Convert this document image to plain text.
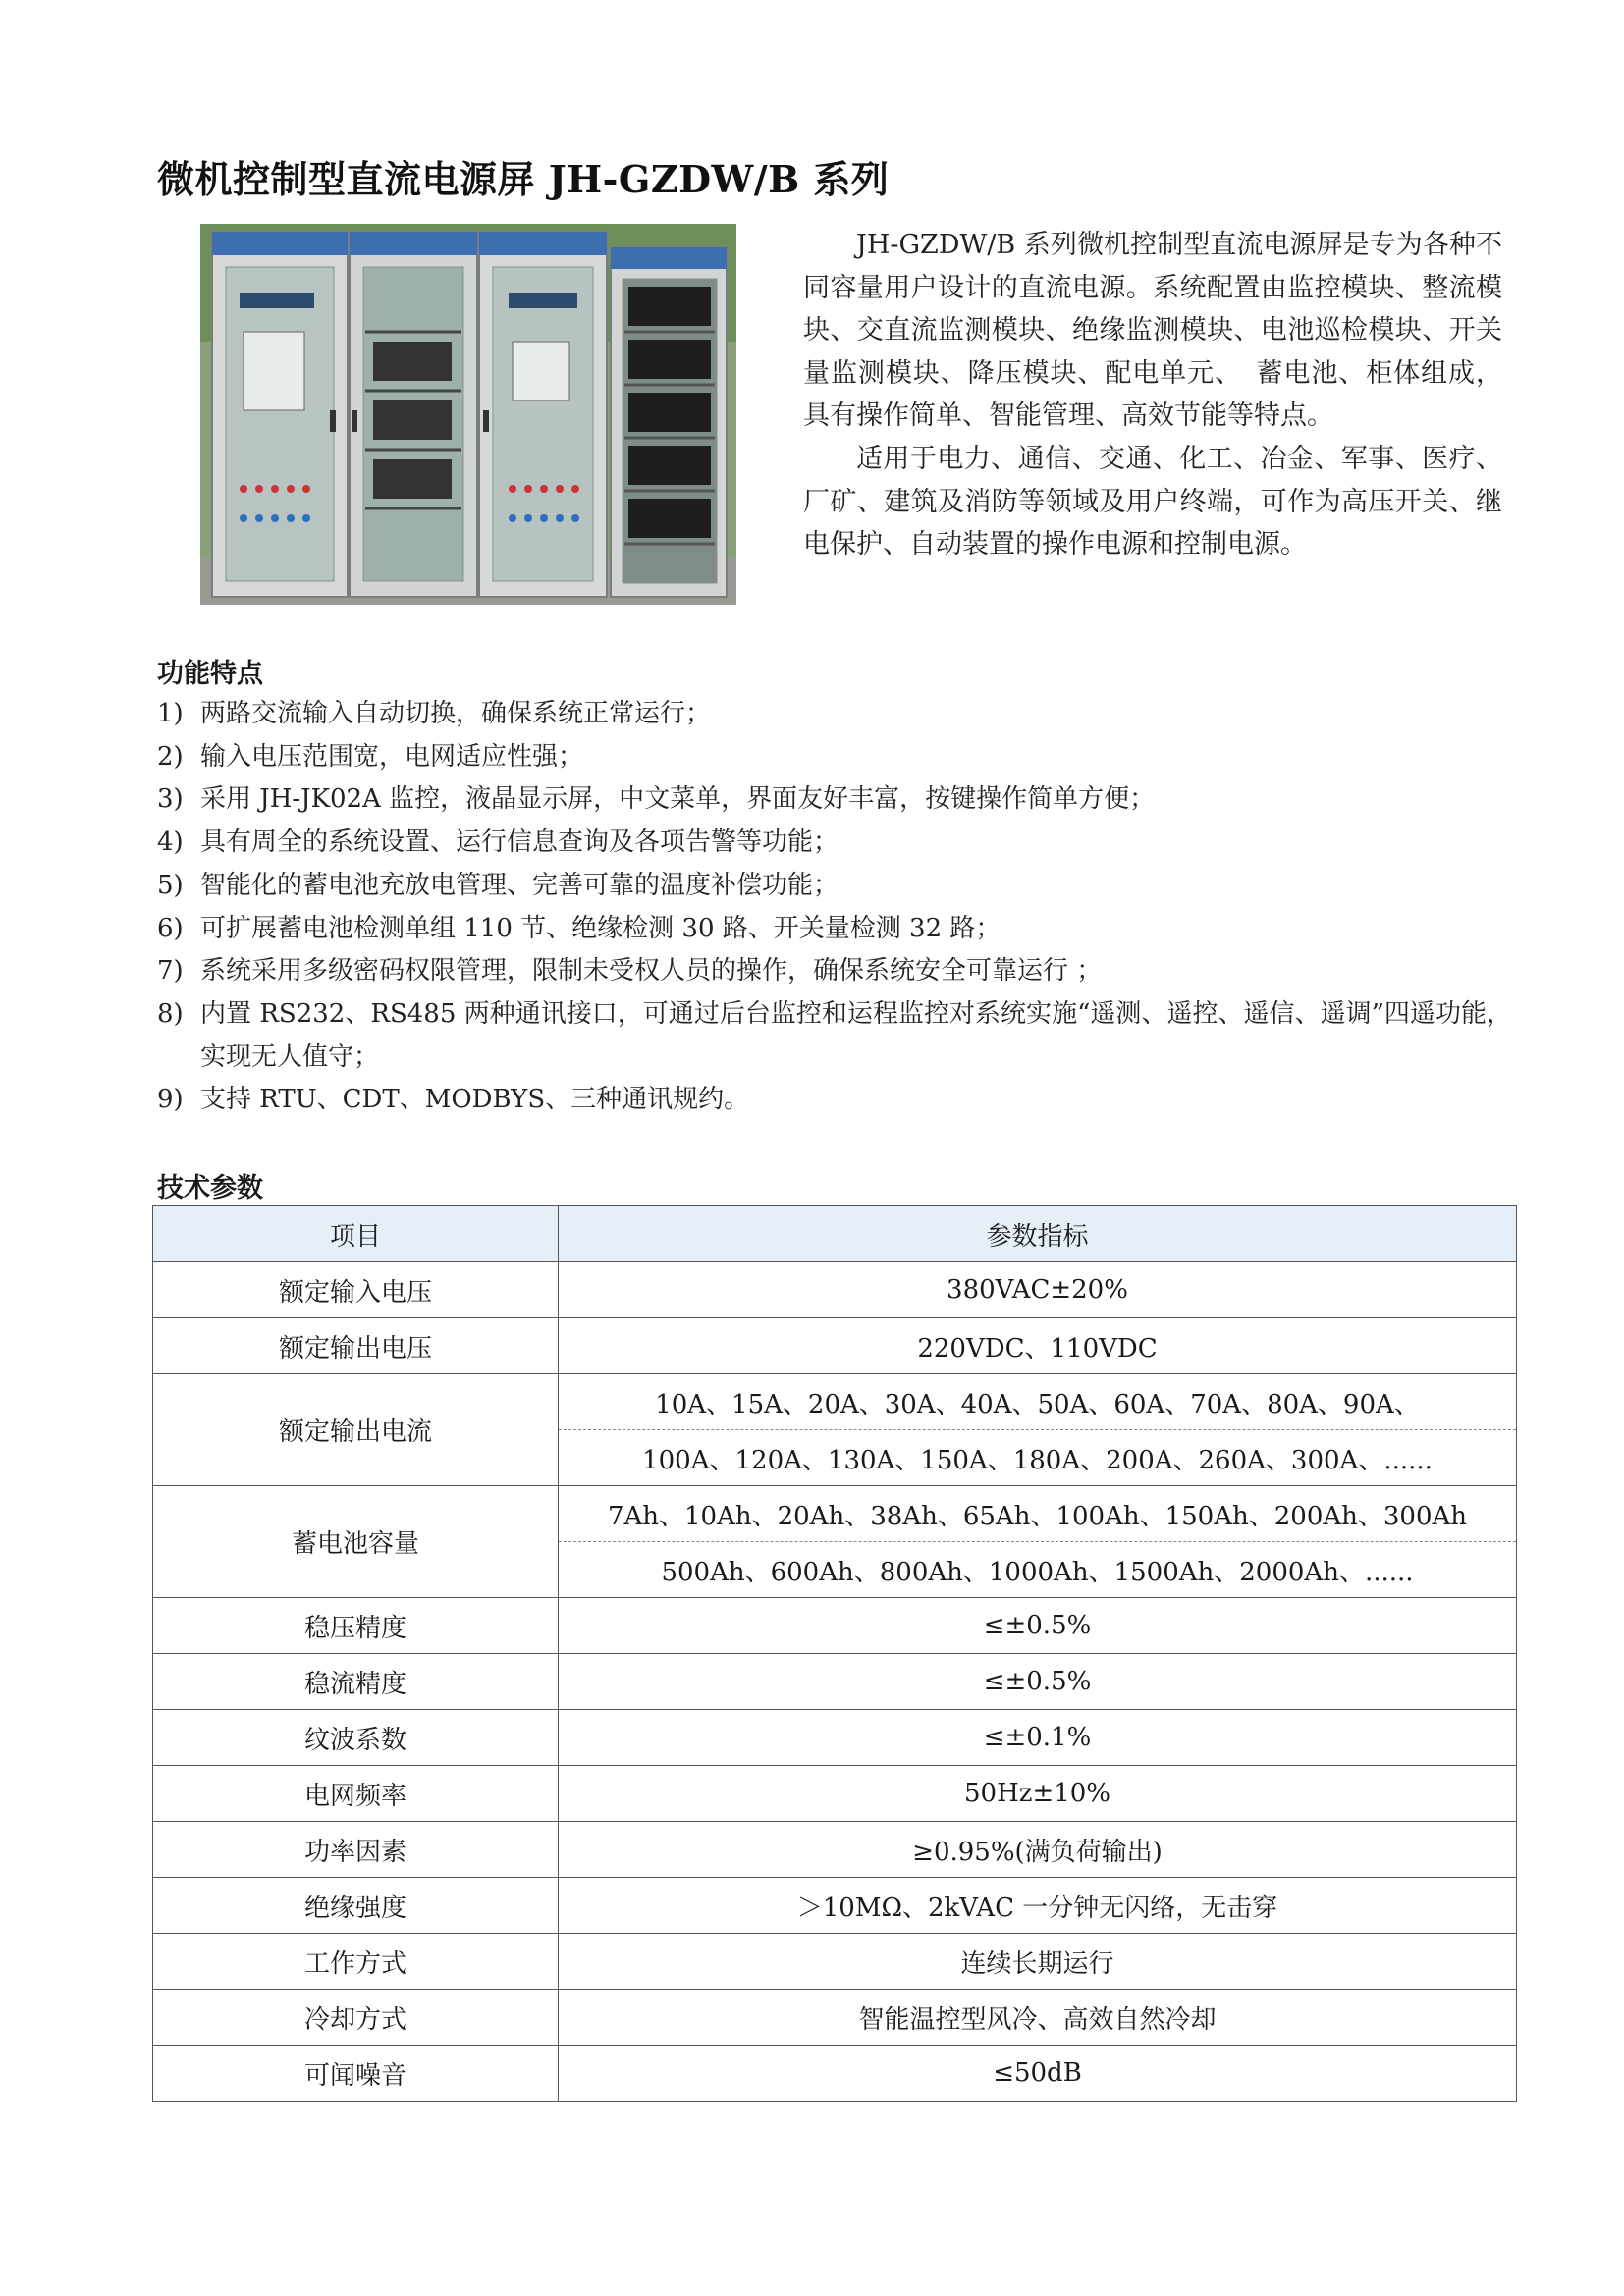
微机控制型直流电源屏 JH-GZDW/B 系列

JH-GZDW/B 系列微机控制型直流电源屏是专为各种不同容量用户设计的直流电源。系统配置由监控模块、整流模块、交直流监测模块、绝缘监测模块、电池巡检模块、开关量监测模块、降压模块、配电单元、　蓄电池、柜体组成，具有操作简单、智能管理、高效节能等特点。

适用于电力、通信、交通、化工、冶金、军事、医疗、厂矿、建筑及消防等领域及用户终端，可作为高压开关、继电保护、自动装置的操作电源和控制电源。

功能特点
1) 两路交流输入自动切换，确保系统正常运行；
2) 输入电压范围宽，电网适应性强；
3) 采用 JH-JK02A 监控，液晶显示屏，中文菜单，界面友好丰富，按键操作简单方便；
4) 具有周全的系统设置、运行信息查询及各项告警等功能；
5) 智能化的蓄电池充放电管理、完善可靠的温度补偿功能；
6) 可扩展蓄电池检测单组 110 节、绝缘检测 30 路、开关量检测 32 路；
7) 系统采用多级密码权限管理，限制未受权人员的操作，确保系统安全可靠运行 ；
8) 内置 RS232、RS485 两种通讯接口，可通过后台监控和运程监控对系统实施“遥测、遥控、遥信、遥调”四遥功能，实现无人值守；
9) 支持 RTU、CDT、MODBYS、三种通讯规约。
技术参数
项目	参数指标
额定输入电压	380VAC±20%
额定输出电压	220VDC、110VDC
额定输出电流	10A、15A、20A、30A、40A、50A、60A、70A、80A、90A、
	100A、120A、130A、150A、180A、200A、260A、300A、......
蓄电池容量	7Ah、10Ah、20Ah、38Ah、65Ah、100Ah、150Ah、200Ah、300Ah
	500Ah、600Ah、800Ah、1000Ah、1500Ah、2000Ah、......
稳压精度	≤±0.5%
稳流精度	≤±0.5%
纹波系数	≤±0.1%
电网频率	50Hz±10%
功率因素	≥0.95%(满负荷输出)
绝缘强度	＞10MΩ、2kVAC 一分钟无闪络，无击穿
工作方式	连续长期运行
冷却方式	智能温控型风冷、高效自然冷却
可闻噪音	≤50dB
